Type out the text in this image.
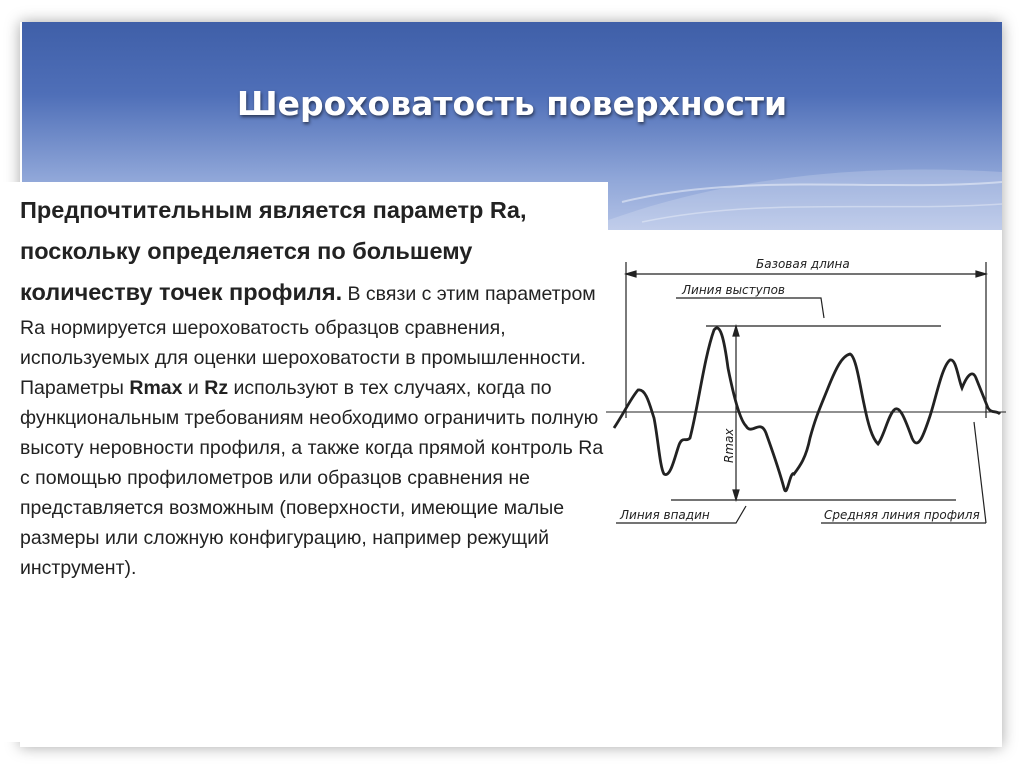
Шероховатость поверхности
Предпочтительным является параметр Ra, поскольку определяется по большему количеству точек профиля. В связи с этим параметром Ra нормируется шероховатость образцов сравнения, используемых для оценки шероховатости в промышленности.
Параметры Rmax и Rz используют в тех случаях, когда по функциональным требованиям необходимо ограничить полную высоту неровности профиля, а также когда прямой контроль Ra с помощью профилометров или образцов сравнения не представляется возможным (поверхности, имеющие малые размеры или сложную конфигурацию, например режущий инструмент).
Базовая длина
Линия выступов
Линия впадин	Средняя линия профиля
Rmax
